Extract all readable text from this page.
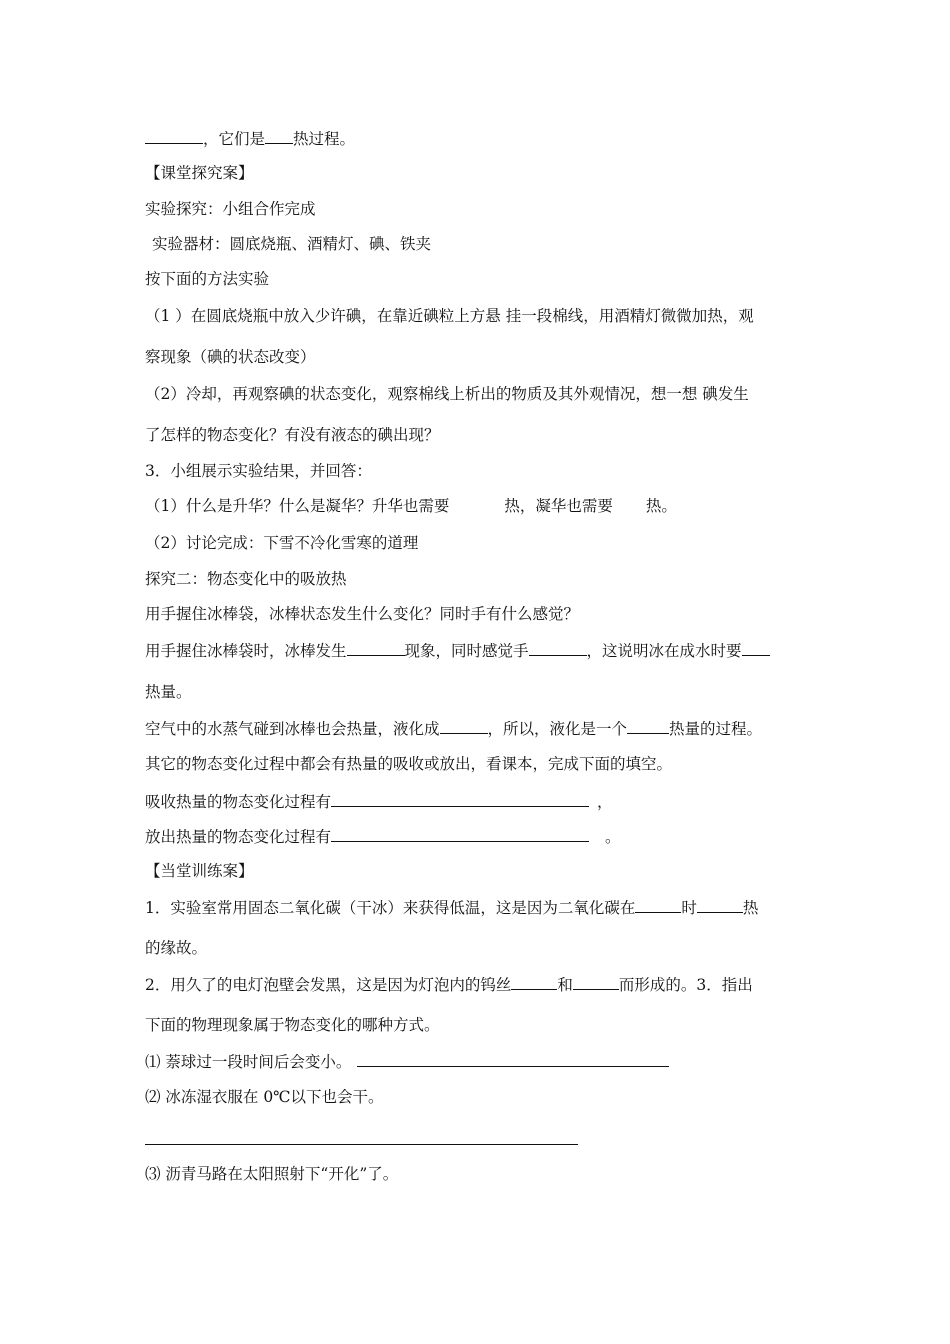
，它们是 热过程。
【课堂探究案】
实验探究：小组合作完成
实验器材：圆底烧瓶、酒精灯、碘、铁夹
按下面的方法实验
（1 ）在圆底烧瓶中放入少许碘，在靠近碘粒上方悬 挂一段棉线，用酒精灯微微加热，观
察现象（碘的状态改变）
（2）冷却，再观察碘的状态变化，观察棉线上析出的物质及其外观情况，想一想 碘发生
了怎样的物态变化？有没有液态的碘出现？
3．小组展示实验结果，并回答：
（1）什么是升华？什么是凝华？升华也需要	热，凝华也需要 热。
（2）讨论完成：下雪不冷化雪寒的道理
探究二：物态变化中的吸放热
用手握住冰棒袋，冰棒状态发生什么变化？同时手有什么感觉？
用手握住冰棒袋时，冰棒发生	现象，同时感觉手	，这说明冰在成水时要
热量。
空气中的水蒸气碰到冰棒也会热量，液化成	，所以，液化是一个	热量的过程。
其它的物态变化过程中都会有热量的吸收或放出，看课本，完成下面的填空。
吸收热量的物态变化过程有	，
放出热量的物态变化过程有	。
【当堂训练案】
1．实验室常用固态二氧化碳（干冰）来获得低温，这是因为二氧化碳在	时	热
的缘故。
2．用久了的电灯泡壁会发黑，这是因为灯泡内的钨丝	和	而形成的。3．指出
下面的物理现象属于物态变化的哪种方式。
⑴ 萘球过一段时间后会变小。
⑵ 冰冻湿衣服在 0℃以下也会干。
⑶ 沥青马路在太阳照射下“开化”了。
